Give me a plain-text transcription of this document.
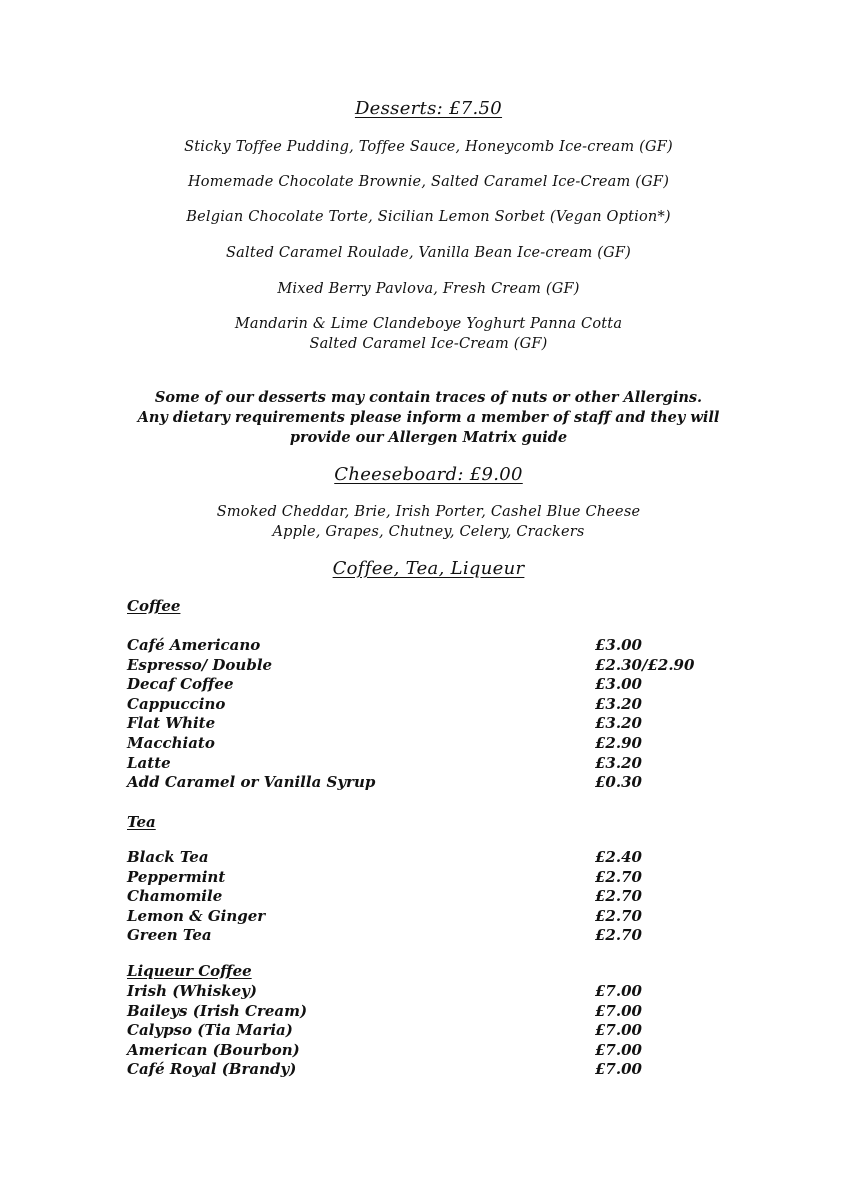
Desserts: £7.50
Sticky Toffee Pudding, Toffee Sauce, Honeycomb Ice-cream (GF)
Homemade Chocolate Brownie, Salted Caramel Ice-Cream (GF)
Belgian Chocolate Torte, Sicilian Lemon Sorbet (Vegan Option*)
Salted Caramel Roulade, Vanilla Bean Ice-cream (GF)
Mixed Berry Pavlova, Fresh Cream (GF)
Mandarin & Lime Clandeboye Yoghurt Panna Cotta
Salted Caramel Ice-Cream (GF)
Some of our desserts may contain traces of nuts or other Allergins.
Any dietary requirements please inform a member of staff and they will
provide our Allergen Matrix guide
Cheeseboard: £9.00
Smoked Cheddar, Brie, Irish Porter, Cashel Blue Cheese
Apple, Grapes, Chutney, Celery, Crackers
Coffee, Tea, Liqueur
Coffee
Café Americano	£3.00
Espresso/ Double	£2.30/£2.90
Decaf Coffee	£3.00
Cappuccino	£3.20
Flat White	£3.20
Macchiato	£2.90
Latte	£3.20
Add Caramel or Vanilla Syrup	£0.30
Tea
Black Tea	£2.40
Peppermint	£2.70
Chamomile	£2.70
Lemon & Ginger	£2.70
Green Tea	£2.70
Liqueur Coffee
Irish (Whiskey)	£7.00
Baileys (Irish Cream)	£7.00
Calypso (Tia Maria)	£7.00
American (Bourbon)	£7.00
Café Royal (Brandy)	£7.00
